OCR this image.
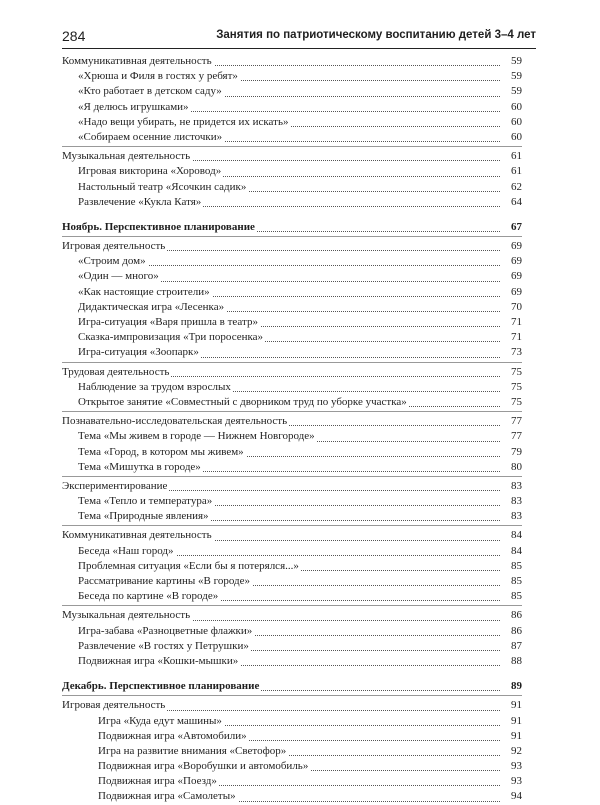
284	Занятия по патриотическому воспитанию детей 3–4 лет
Коммуникативная деятельность	59
«Хрюша и Филя в гостях у ребят»	59
«Кто работает в детском саду»	59
«Я делюсь игрушками»	60
«Надо вещи убирать, не придется их искать»	60
«Собираем осенние листочки»	60
Музыкальная деятельность	61
Игровая викторина «Хоровод»	61
Настольный театр «Ясочкин садик»	62
Развлечение «Кукла Катя»	64
Ноябрь. Перспективное планирование	67
Игровая деятельность	69
«Строим дом»	69
«Один — много»	69
«Как настоящие строители»	69
Дидактическая игра «Лесенка»	70
Игра-ситуация «Варя пришла в театр»	71
Сказка-импровизация «Три поросенка»	71
Игра-ситуация «Зоопарк»	73
Трудовая деятельность	75
Наблюдение за трудом взрослых	75
Открытое занятие «Совместный с дворником труд по уборке участка»	75
Познавательно-исследовательская деятельность	77
Тема «Мы живем в городе — Нижнем Новгороде»	77
Тема «Город, в котором мы живем»	79
Тема «Мишутка в городе»	80
Экспериментирование	83
Тема «Тепло и температура»	83
Тема «Природные явления»	83
Коммуникативная деятельность	84
Беседа «Наш город»	84
Проблемная ситуация «Если бы я потерялся...»	85
Рассматривание картины «В городе»	85
Беседа по картине «В городе»	85
Музыкальная деятельность	86
Игра-забава «Разноцветные флажки»	86
Развлечение «В гостях у Петрушки»	87
Подвижная игра «Кошки-мышки»	88
Декабрь. Перспективное планирование	89
Игровая деятельность	91
Игра «Куда едут машины»	91
Подвижная игра «Автомобили»	91
Игра на развитие внимания «Светофор»	92
Подвижная игра «Воробушки и автомобиль»	93
Подвижная игра «Поезд»	93
Подвижная игра «Самолеты»	94
